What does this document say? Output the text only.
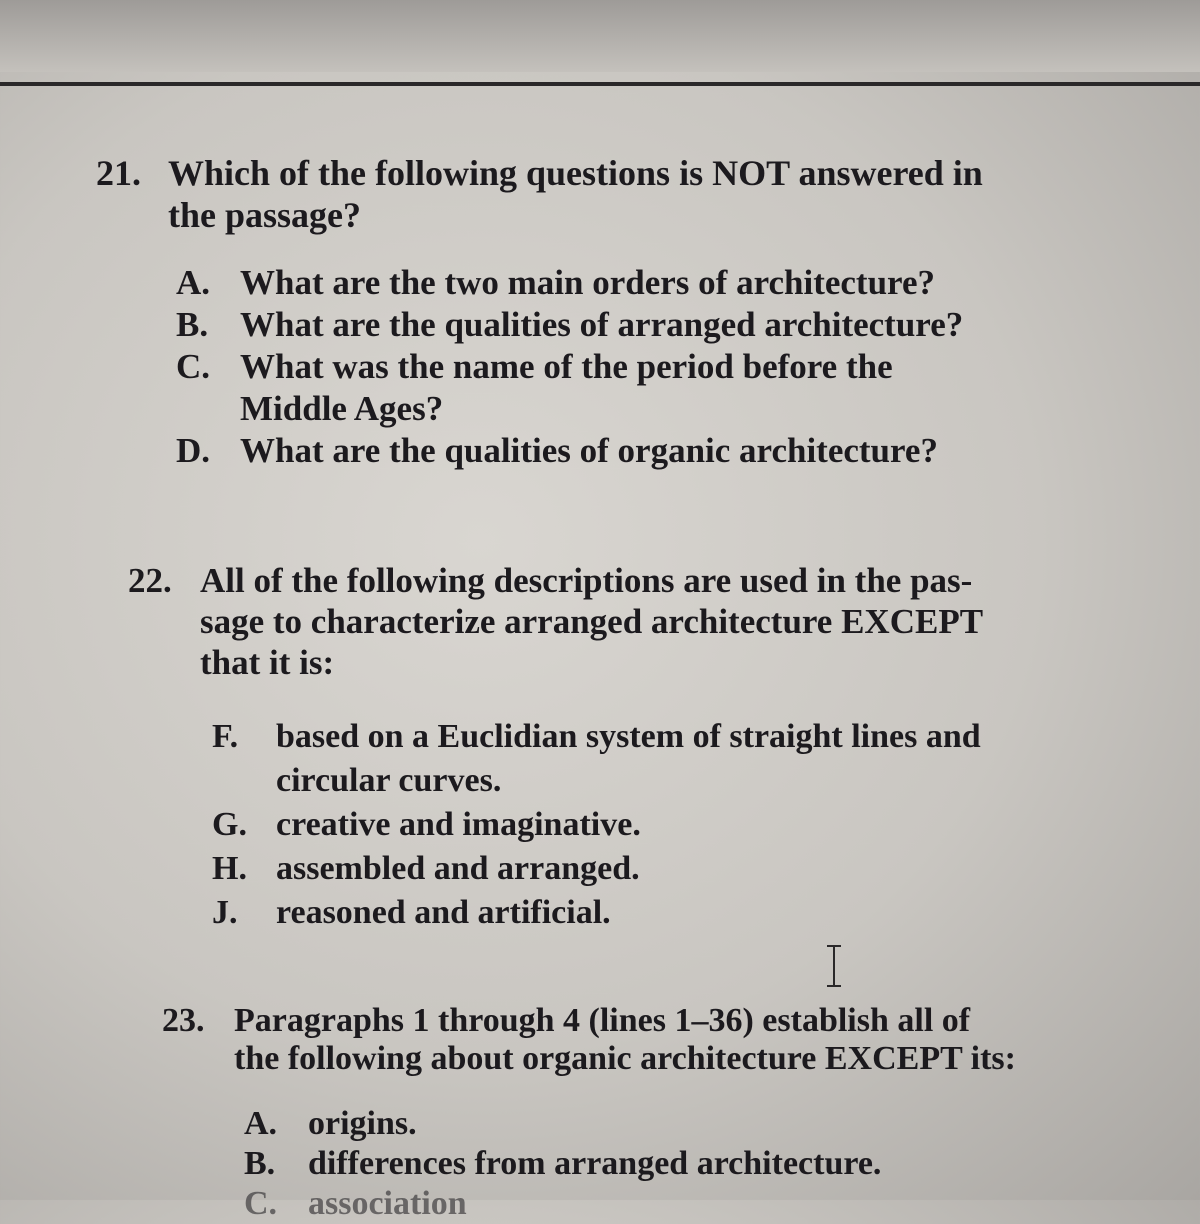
21. Which of the following questions is NOT answered in
the passage?
A. What are the two main orders of architecture?
B. What are the qualities of arranged architecture?
C. What was the name of the period before the
Middle Ages?
D. What are the qualities of organic architecture?
22. All of the following descriptions are used in the pas-
sage to characterize arranged architecture EXCEPT
that it is:
F.	based on a Euclidian system of straight lines and
circular curves.
G. creative and imaginative.
H. assembled and arranged.
J.	reasoned and artificial.
23. Paragraphs 1 through 4 (lines 1–36) establish all of
the following about organic architecture EXCEPT its:
A. origins.
B. differences from arranged architecture.
C. association
